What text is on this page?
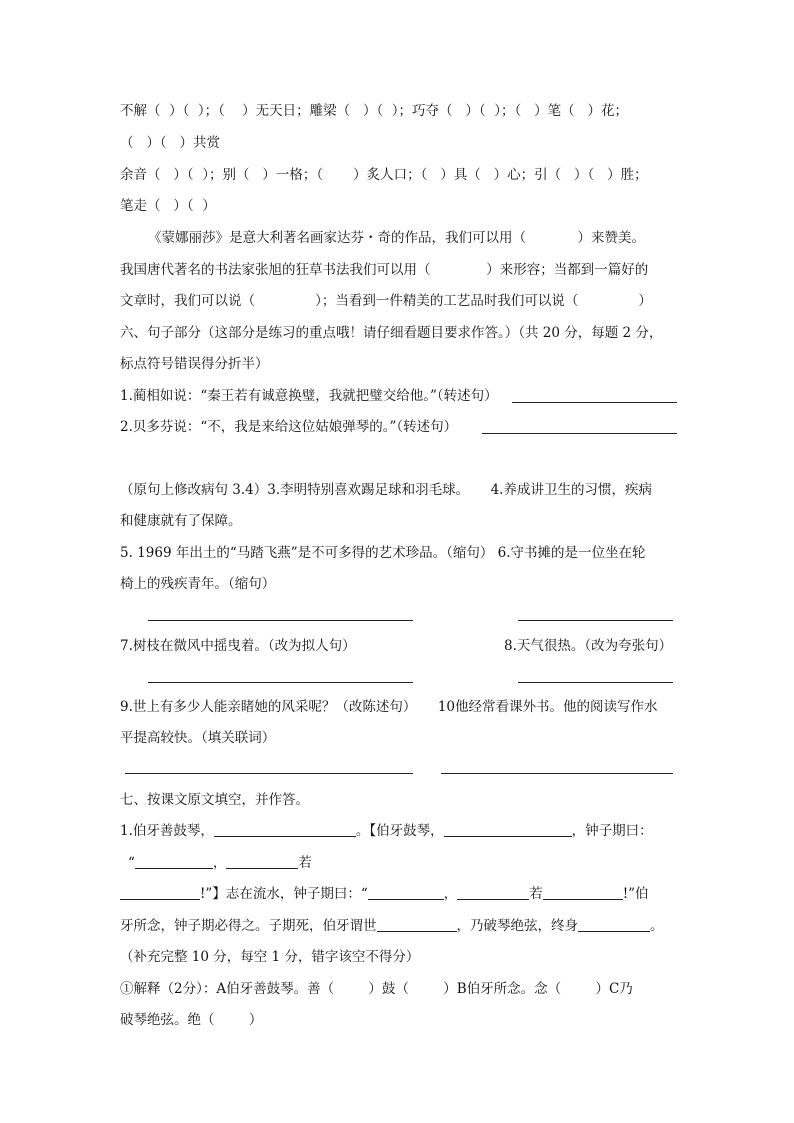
不解（  ）（  ）；（    ）无天日；雕梁（   ）（  ）；巧夺（   ）（  ）；（   ）笔（   ）花；
（   ）（   ）共赏
余音（   ）（  ）；别（   ）一格；（       ）炙人口；（   ）具（   ）心；引（   ）（   ）胜；
笔走（   ）（  ）
《蒙娜丽莎》是意大利著名画家达芬・奇的作品，我们可以用（            ）来赞美。
我国唐代著名的书法家张旭的狂草书法我们可以用（             ）来形容；当都到一篇好的
文章时，我们可以说（              ）；当看到一件精美的工艺品时我们可以说（              ）
六、句子部分（这部分是练习的重点哦！请仔细看题目要求作答。）（共 20 分，每题 2 分，
标点符号错误得分折半）
1.蔺相如说：“秦王若有诚意换璧，我就把璧交给他。”（转述句）
2.贝多芬说：“不，我是来给这位姑娘弹琴的。”（转述句）
（原句上修改病句 3.4）3.李明特别喜欢踢足球和羽毛球。     4.养成讲卫生的习惯，疾病
和健康就有了保障。
5. 1969 年出土的“马踏飞燕”是不可多得的艺术珍品。（缩句） 6.守书摊的是一位坐在轮
椅上的残疾青年。（缩句）
7.树枝在微风中摇曳着。（改为拟人句）	8.天气很热。（改为夸张句）
9.世上有多少人能亲睹她的风采呢？（改陈述句）     10他经常看课外书。他的阅读写作水
平提高较快。（填关联词）
七、按课文原文填空，并作答。
1.伯牙善鼓琴，	。【伯牙鼓琴，	，钟子期曰：
“	，	若
!”】志在流水，钟子期曰：“	，	若	!”伯
牙所念，钟子期必得之。子期死，伯牙谓世	，乃破琴绝弦，终身	。
（补充完整 10 分，每空 1 分，错字该空不得分）
①解释（2分）：A伯牙善鼓琴。善（        ）鼓（        ）B伯牙所念。念（        ）C乃
破琴绝弦。绝（        ）
